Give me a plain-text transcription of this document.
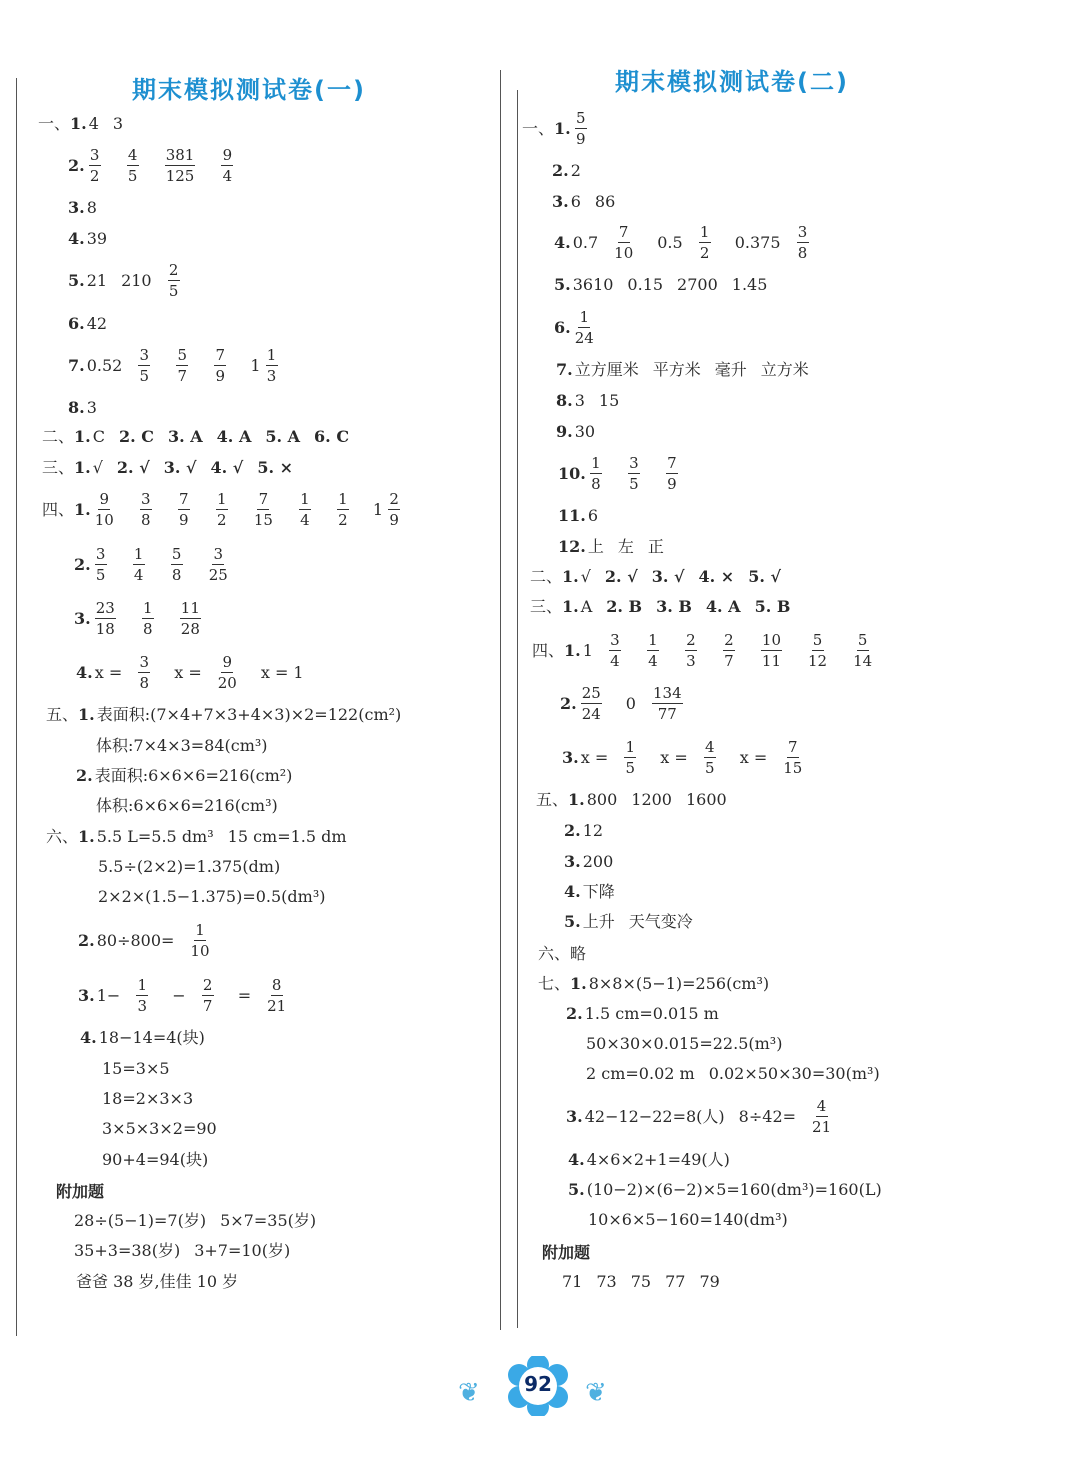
期末模拟测试卷(一)	期末模拟测试卷(二)
一、 1. 4 3
2. $\frac{3}{2} \frac{4}{5} \frac{381}{125} \frac{9}{4}$
3. 8
4. 39
5. 21 $210 \frac{2}{5}$
6. 42
7. $0.52 \frac{3}{5} \frac{5}{7} \frac{7}{9} 1 \frac{1}{3}$
8. 3
二、 1. C 2. C 3. A 4. A 5. A 6. C
三、 1. √ 2. √ 3. √ 4. √ 5. ×
四、 1. $\frac{9}{10} \frac{3}{8} \frac{7}{9} \frac{1}{2} \frac{7}{15} \frac{1}{4} \frac{1}{2} 1 \frac{2}{9}$
2. $\frac{3}{5} \frac{1}{4} \frac{5}{8} \frac{3}{25}$
3. $\frac{23}{18} \frac{1}{8} \frac{11}{28}$
4. $x = \frac{3}{8}$ $x = \frac{9}{20}$ x = 1
五、 1. 表面积:(7×4+7×3+4×3)×2=122(cm²)
体积:7×4×3=84(cm³)
2. 表面积:6×6×6=216(cm²)
体积:6×6×6=216(cm³)
六、 1. 5.5 L=5.5 dm³ 15 cm=1.5 dm
5.5÷(2×2)=1.375(dm)
2×2×(1.5−1.375)=0.5(dm³)
2. $80\div 800= \frac{1}{10}$
3. $1- \frac{1}{3} - \frac{2}{7} = \frac{8}{21}$
4. 18−14=4(块)
15=3×5
18=2×3×3
3×5×3×2=90
90+4=94(块)
附加题
28÷(5−1)=7(岁) 5×7=35(岁)
35+3=38(岁) 3+7=10(岁)
爸爸 38 岁,佳佳 10 岁
一、 1. $\frac{5}{9}$
2. 2
3. 6 86
4. $0.7 \frac{7}{10} 0.5 \frac{1}{2} 0.375 \frac{3}{8}$
5. 3610 0.15 2700 1.45
6. $\frac{1}{24}$
7. 立方厘米 平方米 毫升 立方米
8. 3 15
9. 30
10. $\frac{1}{8} \frac{3}{5} \frac{7}{9}$
11. 6
12. 上 左 正
二、 1. √ 2. √ 3. √ 4. × 5. √
三、 1. A 2. B 3. B 4. A 5. B
四、 1. $1 \frac{3}{4} \frac{1}{4} \frac{2}{3} \frac{2}{7} \frac{10}{11} \frac{5}{12} \frac{5}{14}$
2. $\frac{25}{24} 0 \frac{134}{77}$
3. $x = \frac{1}{5}$ $x = \frac{4}{5}$ $x = \frac{7}{15}$
五、 1. 800 1200 1600
2. 12
3. 200
4. 下降
5. 上升 天气变冷
六、略
七、 1. 8×8×(5−1)=256(cm³)
2. 1.5 cm=0.015 m
50×30×0.015=22.5(m³)
2 cm=0.02 m 0.02×50×30=30(m³)
3. 42−12−22=8(人) $8\div 42= \frac{4}{21}$
4. 4×6×2+1=49(人)
5. (10−2)×(6−2)×5=160(dm³)=160(L)
10×6×5−160=140(dm³)
附加题
71 73 75 77 79
92
❦	❦
